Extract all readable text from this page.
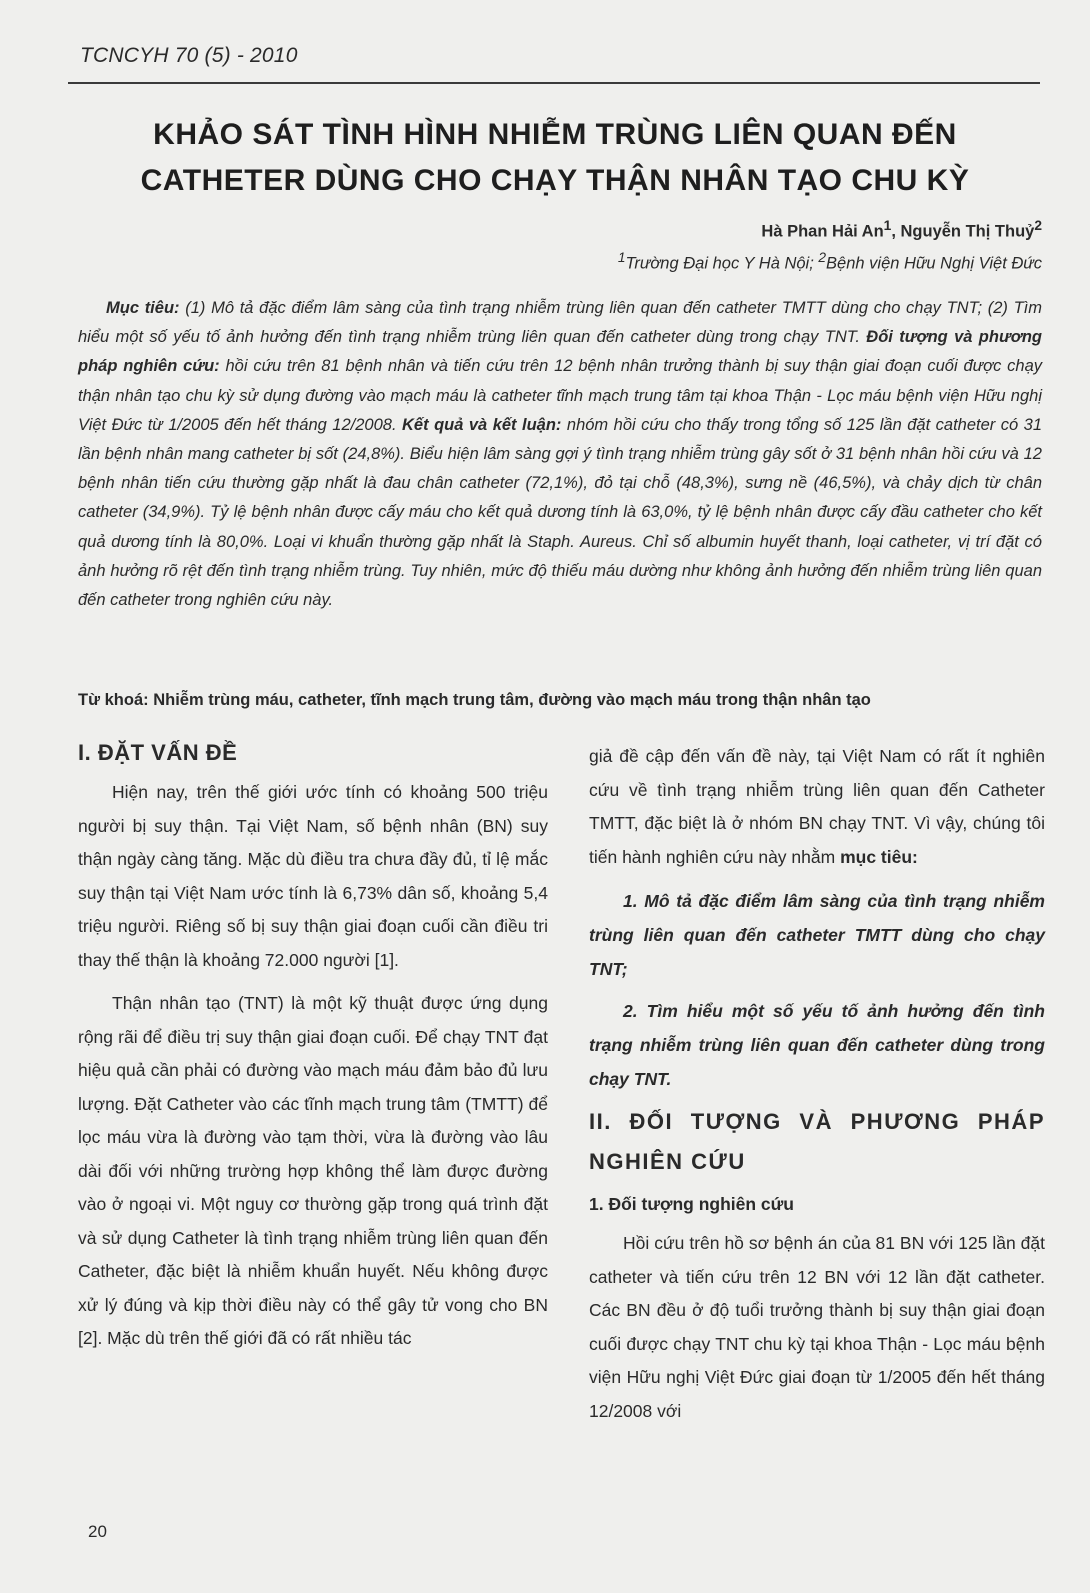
TCNCYH 70 (5) - 2010
KHẢO SÁT TÌNH HÌNH NHIỄM TRÙNG LIÊN QUAN ĐẾN
CATHETER DÙNG CHO CHẠY THẬN NHÂN TẠO CHU KỲ
Hà Phan Hải An$^1$, Nguyễn Thị Thuỷ$^2$
$^1$Trường Đại học Y Hà Nội; $^2$Bệnh viện Hữu Nghị Việt Đức
Mục tiêu: (1) Mô tả đặc điểm lâm sàng của tình trạng nhiễm trùng liên quan đến catheter TMTT dùng cho chạy TNT; (2) Tìm hiểu một số yếu tố ảnh hưởng đến tình trạng nhiễm trùng liên quan đến catheter dùng trong chạy TNT. Đối tượng và phương pháp nghiên cứu: hồi cứu trên 81 bệnh nhân và tiến cứu trên 12 bệnh nhân trưởng thành bị suy thận giai đoạn cuối được chạy thận nhân tạo chu kỳ sử dụng đường vào mạch máu là catheter tĩnh mạch trung tâm tại khoa Thận - Lọc máu bệnh viện Hữu nghị Việt Đức từ 1/2005 đến hết tháng 12/2008. Kết quả và kết luận: nhóm hồi cứu cho thấy trong tổng số 125 lần đặt catheter có 31 lần bệnh nhân mang catheter bị sốt (24,8%). Biểu hiện lâm sàng gợi ý tình trạng nhiễm trùng gây sốt ở 31 bệnh nhân hồi cứu và 12 bệnh nhân tiến cứu thường gặp nhất là đau chân catheter (72,1%), đỏ tại chỗ (48,3%), sưng nề (46,5%), và chảy dịch từ chân catheter (34,9%). Tỷ lệ bệnh nhân được cấy máu cho kết quả dương tính là 63,0%, tỷ lệ bệnh nhân được cấy đầu catheter cho kết quả dương tính là 80,0%. Loại vi khuẩn thường gặp nhất là Staph. Aureus. Chỉ số albumin huyết thanh, loại catheter, vị trí đặt có ảnh hưởng rõ rệt đến tình trạng nhiễm trùng. Tuy nhiên, mức độ thiếu máu dường như không ảnh hưởng đến nhiễm trùng liên quan đến catheter trong nghiên cứu này.
Từ khoá: Nhiễm trùng máu, catheter, tĩnh mạch trung tâm, đường vào mạch máu trong thận nhân tạo
I. ĐẶT VẤN ĐỀ

Hiện nay, trên thế giới ước tính có khoảng 500 triệu người bị suy thận. Tại Việt Nam, số bệnh nhân (BN) suy thận ngày càng tăng. Mặc dù điều tra chưa đầy đủ, tỉ lệ mắc suy thận tại Việt Nam ước tính là 6,73% dân số, khoảng 5,4 triệu người. Riêng số bị suy thận giai đoạn cuối cần điều tri thay thế thận là khoảng 72.000 người [1].

Thận nhân tạo (TNT) là một kỹ thuật được ứng dụng rộng rãi để điều trị suy thận giai đoạn cuối. Để chạy TNT đạt hiệu quả cần phải có đường vào mạch máu đảm bảo đủ lưu lượng. Đặt Catheter vào các tĩnh mạch trung tâm (TMTT) để lọc máu vừa là đường vào tạm thời, vừa là đường vào lâu dài đối với những trường hợp không thể làm được đường vào ở ngoại vi. Một nguy cơ thường gặp trong quá trình đặt và sử dụng Catheter là tình trạng nhiễm trùng liên quan đến Catheter, đặc biệt là nhiễm khuẩn huyết. Nếu không được xử lý đúng và kịp thời điều này có thể gây tử vong cho BN [2]. Mặc dù trên thế giới đã có rất nhiều tác

giả đề cập đến vấn đề này, tại Việt Nam có rất ít nghiên cứu về tình trạng nhiễm trùng liên quan đến Catheter TMTT, đặc biệt là ở nhóm BN chạy TNT. Vì vậy, chúng tôi tiến hành nghiên cứu này nhằm mục tiêu:

1. Mô tả đặc điểm lâm sàng của tình trạng nhiễm trùng liên quan đến catheter TMTT dùng cho chạy TNT;

2. Tìm hiểu một số yếu tố ảnh hưởng đến tình trạng nhiễm trùng liên quan đến catheter dùng trong chạy TNT.

II. ĐỐI TƯỢNG VÀ PHƯƠNG PHÁP NGHIÊN CỨU
1. Đối tượng nghiên cứu

Hồi cứu trên hồ sơ bệnh án của 81 BN với 125 lần đặt catheter và tiến cứu trên 12 BN với 12 lần đặt catheter. Các BN đều ở độ tuổi trưởng thành bị suy thận giai đoạn cuối được chạy TNT chu kỳ tại khoa Thận - Lọc máu bệnh viện Hữu nghị Việt Đức giai đoạn từ 1/2005 đến hết tháng 12/2008 với

20
